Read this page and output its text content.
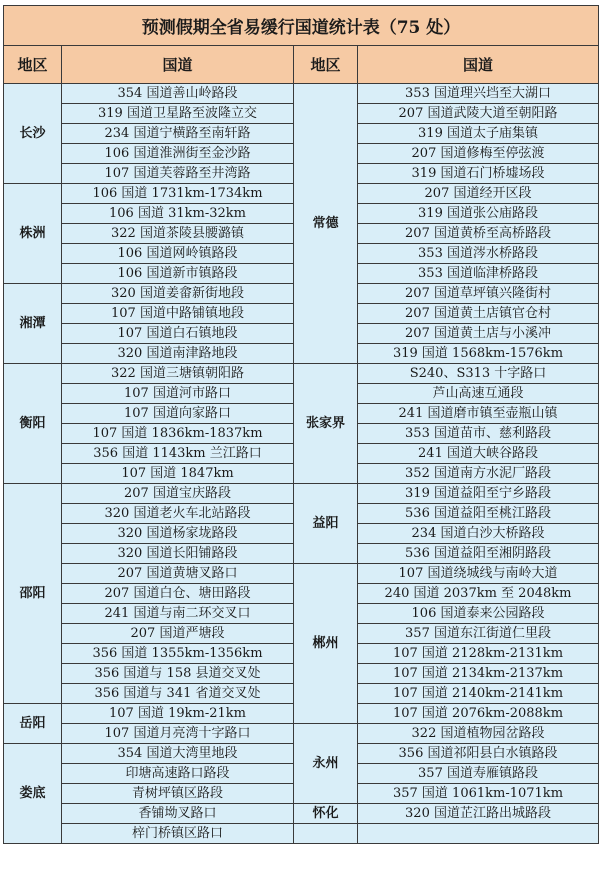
预测假期全省易缓行国道统计表（75 处）			
地区	国道	地区	国道
长沙	354 国道善山岭路段	常德	353 国道理兴垱至大湖口
	319 国道卫星路至波隆立交		207 国道武陵大道至朝阳路
	234 国道宁横路至南轩路		319 国道太子庙集镇
	106 国道淮洲街至金沙路		207 国道修梅至停弦渡
	107 国道芙蓉路至井湾路		319 国道石门桥墟场段
株洲	106 国道 1731km-1734km		207 国道经开区段
	106 国道 31km-32km		319 国道张公庙路段
	322 国道茶陵县腰潞镇		207 国道黄桥至高桥路段
	106 国道网岭镇路段		353 国道涔水桥路段
	106 国道新市镇路段		353 国道临津桥路段
湘潭	320 国道姜畲新街地段		207 国道草坪镇兴隆街村
	107 国道中路铺镇地段		207 国道黄土店镇官仓村
	107 国道白石镇地段		207 国道黄土店与小溪冲
	320 国道南津路地段		319 国道 1568km-1576km
衡阳	322 国道三塘镇朝阳路	张家界	S240、S313 十字路口
	107 国道河市路口		芦山高速互通段
	107 国道向家路口		241 国道磨市镇至壶瓶山镇
	107 国道 1836km-1837km		353 国道苗市、慈利路段
	356 国道 1143km 兰江路口		241 国道大峡谷路段
	107 国道 1847km		352 国道南方水泥厂路段
邵阳	207 国道宝庆路段	益阳	319 国道益阳至宁乡路段
	320 国道老火车北站路段		536 国道益阳至桃江路段
	320 国道杨家垅路段		234 国道白沙大桥路段
	320 国道长阳铺路段		536 国道益阳至湘阴路段
	207 国道黄塘叉路口	郴州	107 国道绕城线与南岭大道
	207 国道白仓、塘田路段		240 国道 2037km 至 2048km
	241 国道与南二环交叉口		106 国道泰来公园路段
	207 国道严塘段		357 国道东江街道仁里段
	356 国道 1355km-1356km		107 国道 2128km-2131km
	356 国道与 158 县道交叉处		107 国道 2134km-2137km
	356 国道与 341 省道交叉处		107 国道 2140km-2141km
岳阳	107 国道 19km-21km		107 国道 2076km-2088km
	107 国道月亮湾十字路口	永州	322 国道植物园岔路段
娄底	354 国道大湾里地段		356 国道祁阳县白水镇路段
	印塘高速路口路段		357 国道寿雁镇路段
	青树坪镇区路段		357 国道 1061km-1071km
	香铺坳叉路口	怀化	320 国道芷江路出城路段
	梓门桥镇区路口		
